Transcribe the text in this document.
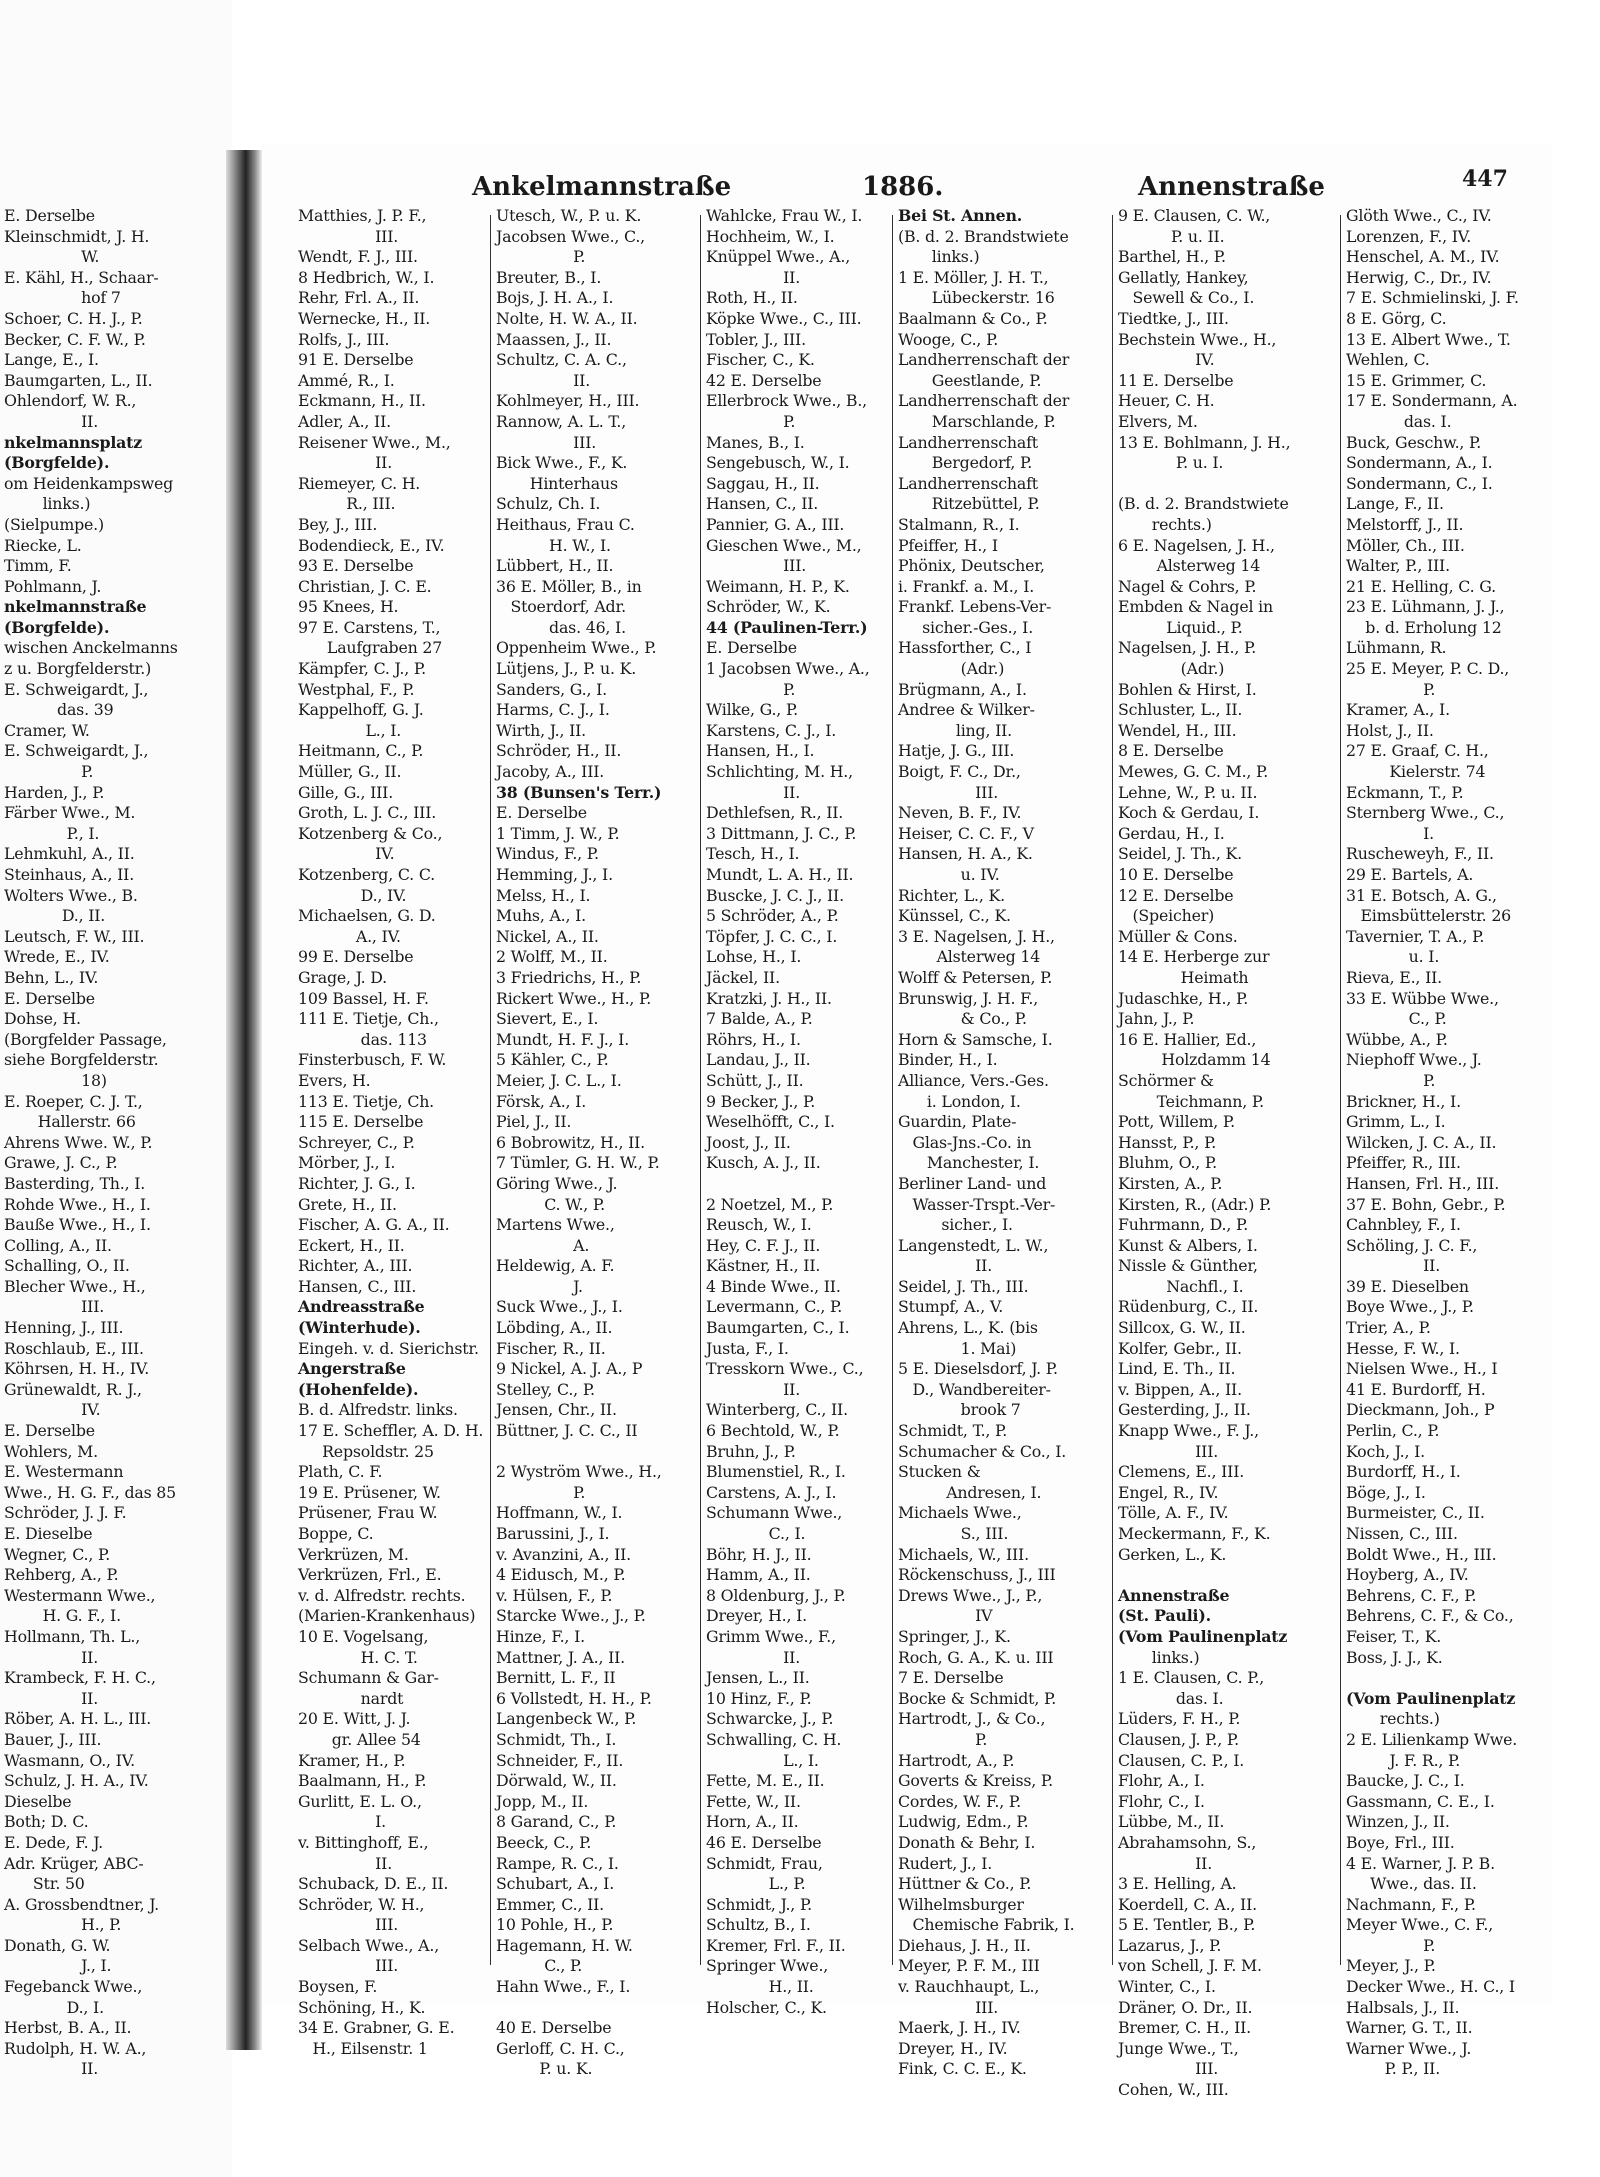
Ankelmannstraße	1886.	Annenstraße	447
E. Derselbe
Kleinschmidt, J. H.
W.
E. Kähl, H., Schaar-
hof 7
Schoer, C. H. J., P.
Becker, C. F. W., P.
Lange, E., I.
Baumgarten, L., II.
Ohlendorf, W. R.,
II.
nkelmannsplatz
(Borgfelde).
om Heidenkampsweg
links.)
(Sielpumpe.)
Riecke, L.
Timm, F.
Pohlmann, J.
nkelmannstraße
(Borgfelde).
wischen Anckelmanns
z u. Borgfelderstr.)
E. Schweigardt, J.,
das. 39
Cramer, W.
E. Schweigardt, J.,
P.
Harden, J., P.
Färber Wwe., M.
P., I.
Lehmkuhl, A., II.
Steinhaus, A., II.
Wolters Wwe., B.
D., II.
Leutsch, F. W., III.
Wrede, E., IV.
Behn, L., IV.
E. Derselbe
Dohse, H.
(Borgfelder Passage,
siehe Borgfelderstr.
18)
E. Roeper, C. J. T.,
Hallerstr. 66
Ahrens Wwe. W., P.
Grawe, J. C., P.
Basterding, Th., I.
Rohde Wwe., H., I.
Bauße Wwe., H., I.
Colling, A., II.
Schalling, O., II.
Blecher Wwe., H.,
III.
Henning, J., III.
Roschlaub, E., III.
Köhrsen, H. H., IV.
Grünewaldt, R. J.,
IV.
E. Derselbe
Wohlers, M.
E. Westermann
Wwe., H. G. F., das 85
Schröder, J. J. F.
E. Dieselbe
Wegner, C., P.
Rehberg, A., P.
Westermann Wwe.,
H. G. F., I.
Hollmann, Th. L.,
II.
Krambeck, F. H. C.,
II.
Röber, A. H. L., III.
Bauer, J., III.
Wasmann, O., IV.
Schulz, J. H. A., IV.
Dieselbe
Both; D. C.
E. Dede, F. J.
Adr. Krüger, ABC-
Str. 50
A. Grossbendtner, J.
H., P.
Donath, G. W.
J., I.
Fegebanck Wwe.,
D., I.
Herbst, B. A., II.
Rudolph, H. W. A.,
II.
Matthies, J. P. F.,
III.
Wendt, F. J., III.
8 Hedbrich, W., I.
Rehr, Frl. A., II.
Wernecke, H., II.
Rolfs, J., III.
91 E. Derselbe
Ammé, R., I.
Eckmann, H., II.
Adler, A., II.
Reisener Wwe., M.,
II.
Riemeyer, C. H.
R., III.
Bey, J., III.
Bodendieck, E., IV.
93 E. Derselbe
Christian, J. C. E.
95 Knees, H.
97 E. Carstens, T.,
Laufgraben 27
Kämpfer, C. J., P.
Westphal, F., P.
Kappelhoff, G. J.
L., I.
Heitmann, C., P.
Müller, G., II.
Gille, G., III.
Groth, L. J. C., III.
Kotzenberg & Co.,
IV.
Kotzenberg, C. C.
D., IV.
Michaelsen, G. D.
A., IV.
99 E. Derselbe
Grage, J. D.
109 Bassel, H. F.
111 E. Tietje, Ch.,
das. 113
Finsterbusch, F. W.
Evers, H.
113 E. Tietje, Ch.
115 E. Derselbe
Schreyer, C., P.
Mörber, J., I.
Richter, J. G., I.
Grete, H., II.
Fischer, A. G. A., II.
Eckert, H., II.
Richter, A., III.
Hansen, C., III.
Andreasstraße
(Winterhude).
Eingeh. v. d. Sierichstr.
Angerstraße
(Hohenfelde).
B. d. Alfredstr. links.
17 E. Scheffler, A. D. H.
Repsoldstr. 25
Plath, C. F.
19 E. Prüsener, W.
Prüsener, Frau W.
Boppe, C.
Verkrüzen, M.
Verkrüzen, Frl., E.
v. d. Alfredstr. rechts.
(Marien-Krankenhaus)
10 E. Vogelsang,
H. C. T.
Schumann & Gar-
nardt
20 E. Witt, J. J.
gr. Allee 54
Kramer, H., P.
Baalmann, H., P.
Gurlitt, E. L. O.,
I.
v. Bittinghoff, E.,
II.
Schuback, D. E., II.
Schröder, W. H.,
III.
Selbach Wwe., A.,
III.
Boysen, F.
Schöning, H., K.
34 E. Grabner, G. E.
H., Eilsenstr. 1
Utesch, W., P. u. K.
Jacobsen Wwe., C.,
P.
Breuter, B., I.
Bojs, J. H. A., I.
Nolte, H. W. A., II.
Maassen, J., II.
Schultz, C. A. C.,
II.
Kohlmeyer, H., III.
Rannow, A. L. T.,
III.
Bick Wwe., F., K.
Hinterhaus
Schulz, Ch. I.
Heithaus, Frau C.
H. W., I.
Lübbert, H., II.
36 E. Möller, B., in
Stoerdorf, Adr.
das. 46, I.
Oppenheim Wwe., P.
Lütjens, J., P. u. K.
Sanders, G., I.
Harms, C. J., I.
Wirth, J., II.
Schröder, H., II.
Jacoby, A., III.
38 (Bunsen's Terr.)
E. Derselbe
1 Timm, J. W., P.
Windus, F., P.
Hemming, J., I.
Melss, H., I.
Muhs, A., I.
Nickel, A., II.
2 Wolff, M., II.
3 Friedrichs, H., P.
Rickert Wwe., H., P.
Sievert, E., I.
Mundt, H. F. J., I.
5 Kähler, C., P.
Meier, J. C. L., I.
Försk, A., I.
Piel, J., II.
6 Bobrowitz, H., II.
7 Tümler, G. H. W., P.
Göring Wwe., J.
C. W., P.
Martens Wwe.,
A.
Heldewig, A. F.
J.
Suck Wwe., J., I.
Löbding, A., II.
Fischer, R., II.
9 Nickel, A. J. A., P
Stelley, C., P.
Jensen, Chr., II.
Büttner, J. C. C., II
2 Wyström Wwe., H.,
P.
Hoffmann, W., I.
Barussini, J., I.
v. Avanzini, A., II.
4 Eidusch, M., P.
v. Hülsen, F., P.
Starcke Wwe., J., P.
Hinze, F., I.
Mattner, J. A., II.
Bernitt, L. F., II
6 Vollstedt, H. H., P.
Langenbeck W., P.
Schmidt, Th., I.
Schneider, F., II.
Dörwald, W., II.
Jopp, M., II.
8 Garand, C., P.
Beeck, C., P.
Rampe, R. C., I.
Schubart, A., I.
Emmer, C., II.
10 Pohle, H., P.
Hagemann, H. W.
C., P.
Hahn Wwe., F., I.
40 E. Derselbe
Gerloff, C. H. C.,
P. u. K.
Wahlcke, Frau W., I.
Hochheim, W., I.
Knüppel Wwe., A.,
II.
Roth, H., II.
Köpke Wwe., C., III.
Tobler, J., III.
Fischer, C., K.
42 E. Derselbe
Ellerbrock Wwe., B.,
P.
Manes, B., I.
Sengebusch, W., I.
Saggau, H., II.
Hansen, C., II.
Pannier, G. A., III.
Gieschen Wwe., M.,
III.
Weimann, H. P., K.
Schröder, W., K.
44 (Paulinen-Terr.)
E. Derselbe
1 Jacobsen Wwe., A.,
P.
Wilke, G., P.
Karstens, C. J., I.
Hansen, H., I.
Schlichting, M. H.,
II.
Dethlefsen, R., II.
3 Dittmann, J. C., P.
Tesch, H., I.
Mundt, L. A. H., II.
Buscke, J. C. J., II.
5 Schröder, A., P.
Töpfer, J. C. C., I.
Lohse, H., I.
Jäckel, II.
Kratzki, J. H., II.
7 Balde, A., P.
Röhrs, H., I.
Landau, J., II.
Schütt, J., II.
9 Becker, J., P.
Weselhöfft, C., I.
Joost, J., II.
Kusch, A. J., II.
2 Noetzel, M., P.
Reusch, W., I.
Hey, C. F. J., II.
Kästner, H., II.
4 Binde Wwe., II.
Levermann, C., P.
Baumgarten, C., I.
Justa, F., I.
Tresskorn Wwe., C.,
II.
Winterberg, C., II.
6 Bechtold, W., P.
Bruhn, J., P.
Blumenstiel, R., I.
Carstens, A. J., I.
Schumann Wwe.,
C., I.
Böhr, H. J., II.
Hamm, A., II.
8 Oldenburg, J., P.
Dreyer, H., I.
Grimm Wwe., F.,
II.
Jensen, L., II.
10 Hinz, F., P.
Schwarcke, J., P.
Schwalling, C. H.
L., I.
Fette, M. E., II.
Fette, W., II.
Horn, A., II.
46 E. Derselbe
Schmidt, Frau,
L., P.
Schmidt, J., P.
Schultz, B., I.
Kremer, Frl. F., II.
Springer Wwe.,
H., II.
Holscher, C., K.
Bei St. Annen.
(B. d. 2. Brandstwiete
links.)
1 E. Möller, J. H. T.,
Lübeckerstr. 16
Baalmann & Co., P.
Wooge, C., P.
Landherrenschaft der
Geestlande, P.
Landherrenschaft der
Marschlande, P.
Landherrenschaft
Bergedorf, P.
Landherrenschaft
Ritzebüttel, P.
Stalmann, R., I.
Pfeiffer, H., I
Phönix, Deutscher,
i. Frankf. a. M., I.
Frankf. Lebens-Ver-
sicher.-Ges., I.
Hassforther, C., I
(Adr.)
Brügmann, A., I.
Andree & Wilker-
ling, II.
Hatje, J. G., III.
Boigt, F. C., Dr.,
III.
Neven, B. F., IV.
Heiser, C. C. F., V
Hansen, H. A., K.
u. IV.
Richter, L., K.
Künssel, C., K.
3 E. Nagelsen, J. H.,
Alsterweg 14
Wolff & Petersen, P.
Brunswig, J. H. F.,
& Co., P.
Horn & Samsche, I.
Binder, H., I.
Alliance, Vers.-Ges.
i. London, I.
Guardin, Plate-
Glas-Jns.-Co. in
Manchester, I.
Berliner Land- und
Wasser-Trspt.-Ver-
sicher., I.
Langenstedt, L. W.,
II.
Seidel, J. Th., III.
Stumpf, A., V.
Ahrens, L., K. (bis
1. Mai)
5 E. Dieselsdorf, J. P.
D., Wandbereiter-
brook 7
Schmidt, T., P.
Schumacher & Co., I.
Stucken &
Andresen, I.
Michaels Wwe.,
S., III.
Michaels, W., III.
Röckenschuss, J., III
Drews Wwe., J., P.,
IV
Springer, J., K.
Roch, G. A., K. u. III
7 E. Derselbe
Bocke & Schmidt, P.
Hartrodt, J., & Co.,
P.
Hartrodt, A., P.
Goverts & Kreiss, P.
Cordes, W. F., P.
Ludwig, Edm., P.
Donath & Behr, I.
Rudert, J., I.
Hüttner & Co., P.
Wilhelmsburger
Chemische Fabrik, I.
Diehaus, J. H., II.
Meyer, P. F. M., III
v. Rauchhaupt, L.,
III.
Maerk, J. H., IV.
Dreyer, H., IV.
Fink, C. C. E., K.
9 E. Clausen, C. W.,
P. u. II.
Barthel, H., P.
Gellatly, Hankey,
Sewell & Co., I.
Tiedtke, J., III.
Bechstein Wwe., H.,
IV.
11 E. Derselbe
Heuer, C. H.
Elvers, M.
13 E. Bohlmann, J. H.,
P. u. I.
(B. d. 2. Brandstwiete
rechts.)
6 E. Nagelsen, J. H.,
Alsterweg 14
Nagel & Cohrs, P.
Embden & Nagel in
Liquid., P.
Nagelsen, J. H., P.
(Adr.)
Bohlen & Hirst, I.
Schluster, L., II.
Wendel, H., III.
8 E. Derselbe
Mewes, G. C. M., P.
Lehne, W., P. u. II.
Koch & Gerdau, I.
Gerdau, H., I.
Seidel, J. Th., K.
10 E. Derselbe
12 E. Derselbe
(Speicher)
Müller & Cons.
14 E. Herberge zur
Heimath
Judaschke, H., P.
Jahn, J., P.
16 E. Hallier, Ed.,
Holzdamm 14
Schörmer &
Teichmann, P.
Pott, Willem, P.
Hansst, P., P.
Bluhm, O., P.
Kirsten, A., P.
Kirsten, R., (Adr.) P.
Fuhrmann, D., P.
Kunst & Albers, I.
Nissle & Günther,
Nachfl., I.
Rüdenburg, C., II.
Sillcox, G. W., II.
Kolfer, Gebr., II.
Lind, E. Th., II.
v. Bippen, A., II.
Gesterding, J., II.
Knapp Wwe., F. J.,
III.
Clemens, E., III.
Engel, R., IV.
Tölle, A. F., IV.
Meckermann, F., K.
Gerken, L., K.
Annenstraße
(St. Pauli).
(Vom Paulinenplatz
links.)
1 E. Clausen, C. P.,
das. I.
Lüders, F. H., P.
Clausen, J. P., P.
Clausen, C. P., I.
Flohr, A., I.
Flohr, C., I.
Lübbe, M., II.
Abrahamsohn, S.,
II.
3 E. Helling, A.
Koerdell, C. A., II.
5 E. Tentler, B., P.
Lazarus, J., P.
von Schell, J. F. M.
Winter, C., I.
Dräner, O. Dr., II.
Bremer, C. H., II.
Junge Wwe., T.,
III.
Cohen, W., III.
Glöth Wwe., C., IV.
Lorenzen, F., IV.
Henschel, A. M., IV.
Herwig, C., Dr., IV.
7 E. Schmielinski, J. F.
8 E. Görg, C.
13 E. Albert Wwe., T.
Wehlen, C.
15 E. Grimmer, C.
17 E. Sondermann, A.
das. I.
Buck, Geschw., P.
Sondermann, A., I.
Sondermann, C., I.
Lange, F., II.
Melstorff, J., II.
Möller, Ch., III.
Walter, P., III.
21 E. Helling, C. G.
23 E. Lühmann, J. J.,
b. d. Erholung 12
Lühmann, R.
25 E. Meyer, P. C. D.,
P.
Kramer, A., I.
Holst, J., II.
27 E. Graaf, C. H.,
Kielerstr. 74
Eckmann, T., P.
Sternberg Wwe., C.,
I.
Ruscheweyh, F., II.
29 E. Bartels, A.
31 E. Botsch, A. G.,
Eimsbüttelerstr. 26
Tavernier, T. A., P.
u. I.
Rieva, E., II.
33 E. Wübbe Wwe.,
C., P.
Wübbe, A., P.
Niephoff Wwe., J.
P.
Brickner, H., I.
Grimm, L., I.
Wilcken, J. C. A., II.
Pfeiffer, R., III.
Hansen, Frl. H., III.
37 E. Bohn, Gebr., P.
Cahnbley, F., I.
Schöling, J. C. F.,
II.
39 E. Dieselben
Boye Wwe., J., P.
Trier, A., P.
Hesse, F. W., I.
Nielsen Wwe., H., I
41 E. Burdorff, H.
Dieckmann, Joh., P
Perlin, C., P.
Koch, J., I.
Burdorff, H., I.
Böge, J., I.
Burmeister, C., II.
Nissen, C., III.
Boldt Wwe., H., III.
Hoyberg, A., IV.
Behrens, C. F., P.
Behrens, C. F., & Co.,
Feiser, T., K.
Boss, J. J., K.
(Vom Paulinenplatz
rechts.)
2 E. Lilienkamp Wwe.
J. F. R., P.
Baucke, J. C., I.
Gassmann, C. E., I.
Winzen, J., II.
Boye, Frl., III.
4 E. Warner, J. P. B.
Wwe., das. II.
Nachmann, F., P.
Meyer Wwe., C. F.,
P.
Meyer, J., P.
Decker Wwe., H. C., I
Halbsals, J., II.
Warner, G. T., II.
Warner Wwe., J.
P. P., II.
